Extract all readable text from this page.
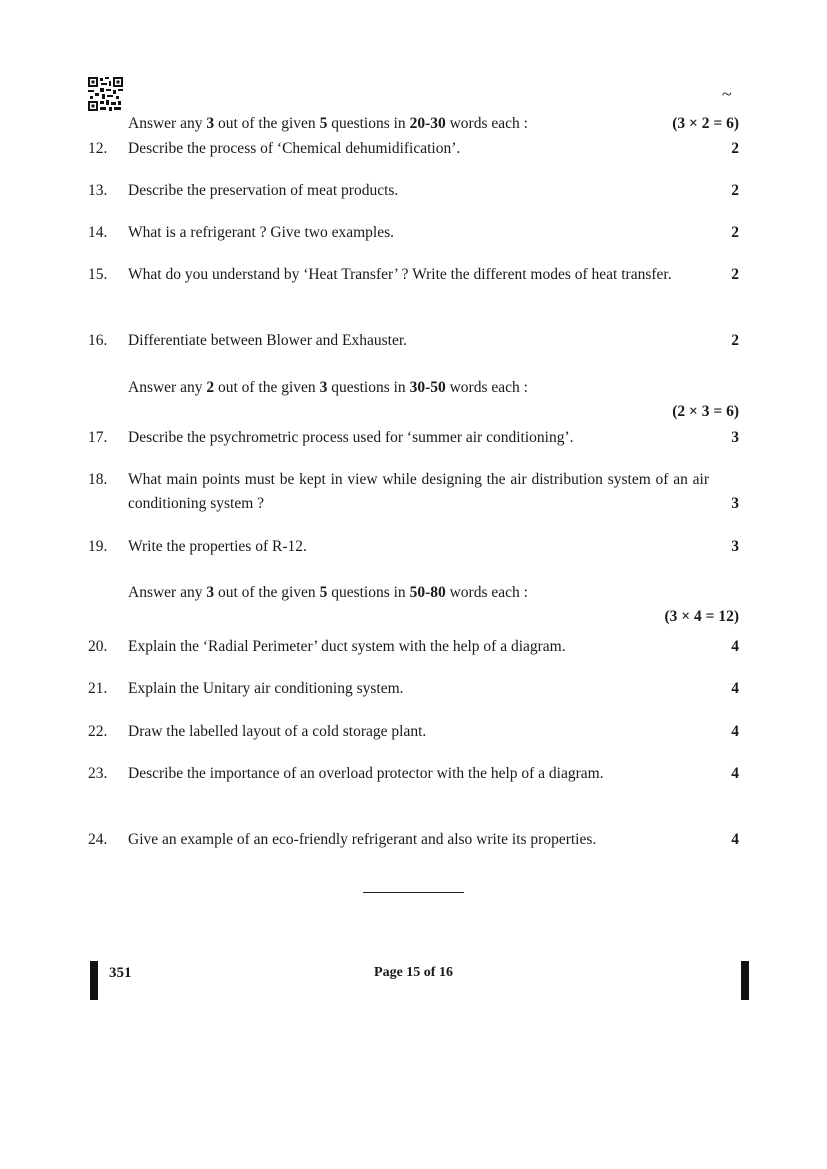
~
Answer any 3 out of the given 5 questions in 20-30 words each :	(3 × 2 = 6)
12. Describe the process of ‘Chemical dehumidification’.	2
13. Describe the preservation of meat products.	2
14. What is a refrigerant ? Give two examples.	2
15. What do you understand by ‘Heat Transfer’ ? Write the different modes of heat transfer.	2
16. Differentiate between Blower and Exhauster.	2
Answer any 2 out of the given 3 questions in 30-50 words each :
(2 × 3 = 6)
17. Describe the psychrometric process used for ‘summer air conditioning’.	3
18. What main points must be kept in view while designing the air distribution system of an air conditioning system ?	3
19. Write the properties of R-12.	3
Answer any 3 out of the given 5 questions in 50-80 words each :
(3 × 4 = 12)
20. Explain the ‘Radial Perimeter’ duct system with the help of a diagram.	4
21. Explain the Unitary air conditioning system.	4
22. Draw the labelled layout of a cold storage plant.	4
23. Describe the importance of an overload protector with the help of a diagram.	4
24. Give an example of an eco-friendly refrigerant and also write its properties.	4
351	Page 15 of 16
